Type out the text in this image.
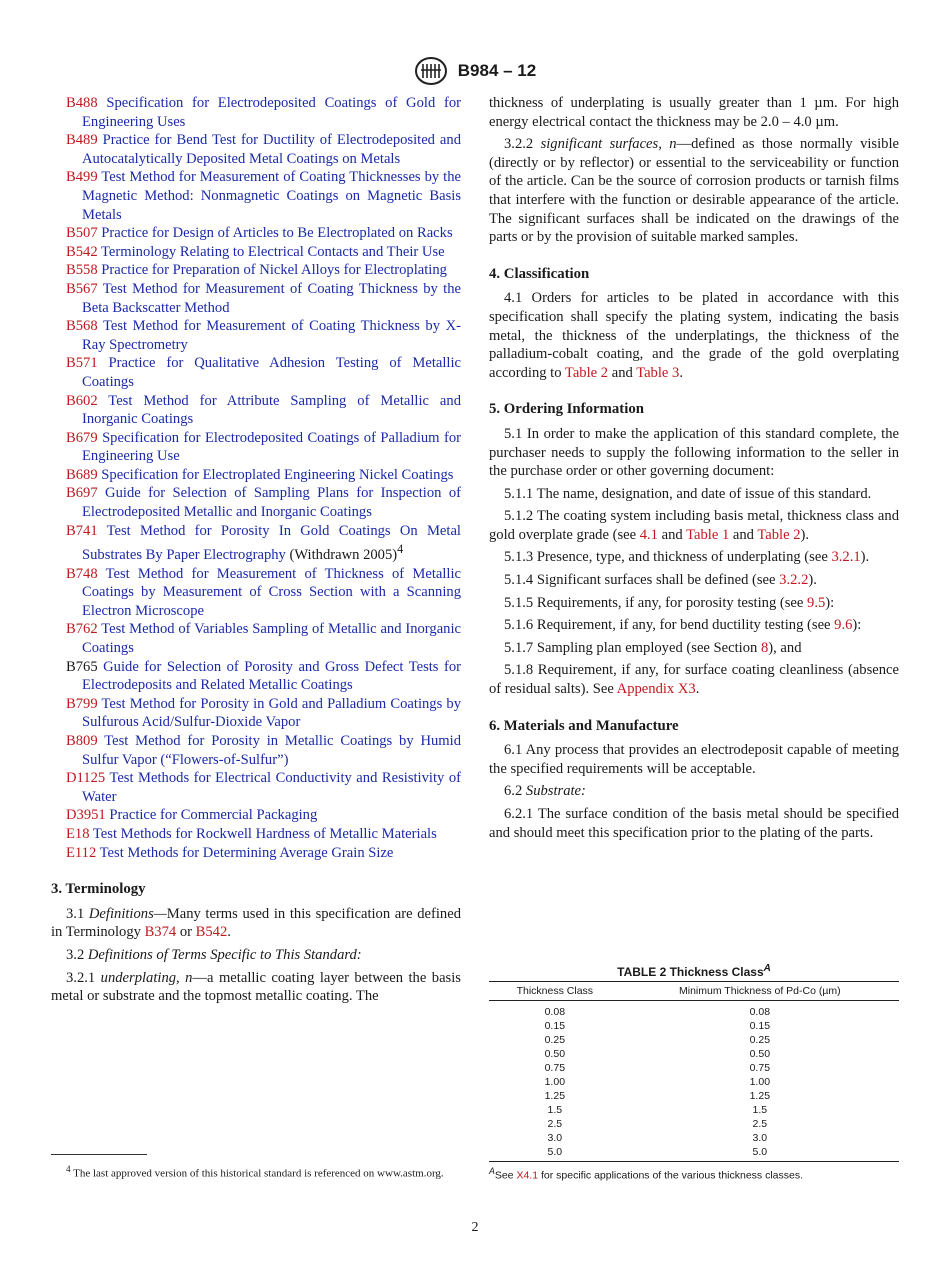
B984 – 12
B488 Specification for Electrodeposited Coatings of Gold for Engineering Uses
B489 Practice for Bend Test for Ductility of Electrodeposited and Autocatalytically Deposited Metal Coatings on Metals
B499 Test Method for Measurement of Coating Thicknesses by the Magnetic Method: Nonmagnetic Coatings on Magnetic Basis Metals
B507 Practice for Design of Articles to Be Electroplated on Racks
B542 Terminology Relating to Electrical Contacts and Their Use
B558 Practice for Preparation of Nickel Alloys for Electroplating
B567 Test Method for Measurement of Coating Thickness by the Beta Backscatter Method
B568 Test Method for Measurement of Coating Thickness by X-Ray Spectrometry
B571 Practice for Qualitative Adhesion Testing of Metallic Coatings
B602 Test Method for Attribute Sampling of Metallic and Inorganic Coatings
B679 Specification for Electrodeposited Coatings of Palladium for Engineering Use
B689 Specification for Electroplated Engineering Nickel Coatings
B697 Guide for Selection of Sampling Plans for Inspection of Electrodeposited Metallic and Inorganic Coatings
B741 Test Method for Porosity In Gold Coatings On Metal Substrates By Paper Electrography (Withdrawn 2005)$^4$
B748 Test Method for Measurement of Thickness of Metallic Coatings by Measurement of Cross Section with a Scanning Electron Microscope
B762 Test Method of Variables Sampling of Metallic and Inorganic Coatings
B765 Guide for Selection of Porosity and Gross Defect Tests for Electrodeposits and Related Metallic Coatings
B799 Test Method for Porosity in Gold and Palladium Coatings by Sulfurous Acid/Sulfur-Dioxide Vapor
B809 Test Method for Porosity in Metallic Coatings by Humid Sulfur Vapor (“Flowers-of-Sulfur”)
D1125 Test Methods for Electrical Conductivity and Resistivity of Water
D3951 Practice for Commercial Packaging
E18 Test Methods for Rockwell Hardness of Metallic Materials
E112 Test Methods for Determining Average Grain Size
3. Terminology

3.1 Definitions—Many terms used in this specification are defined in Terminology B374 or B542.

3.2 Definitions of Terms Specific to This Standard:

3.2.1 underplating, n—a metallic coating layer between the basis metal or substrate and the topmost metallic coating. The

$^4$ The last approved version of this historical standard is referenced on www.astm.org.

thickness of underplating is usually greater than 1 µm. For high energy electrical contact the thickness may be 2.0 – 4.0 µm.

3.2.2 significant surfaces, n—defined as those normally visible (directly or by reflector) or essential to the serviceability or function of the article. Can be the source of corrosion products or tarnish films that interfere with the function or desirable appearance of the article. The significant surfaces shall be indicated on the drawings of the parts or by the provision of suitable marked samples.

4. Classification

4.1 Orders for articles to be plated in accordance with this specification shall specify the plating system, indicating the basis metal, the thickness of the underplatings, the thickness of the palladium-cobalt coating, and the grade of the gold overplating according to Table 2 and Table 3.

5. Ordering Information

5.1 In order to make the application of this standard complete, the purchaser needs to supply the following information to the seller in the purchase order or other governing document:

5.1.1 The name, designation, and date of issue of this standard.

5.1.2 The coating system including basis metal, thickness class and gold overplate grade (see 4.1 and Table 1 and Table 2).

5.1.3 Presence, type, and thickness of underplating (see 3.2.1).

5.1.4 Significant surfaces shall be defined (see 3.2.2).

5.1.5 Requirements, if any, for porosity testing (see 9.5):

5.1.6 Requirement, if any, for bend ductility testing (see 9.6):

5.1.7 Sampling plan employed (see Section 8), and

5.1.8 Requirement, if any, for surface coating cleanliness (absence of residual salts). See Appendix X3.

6. Materials and Manufacture

6.1 Any process that provides an electrodeposit capable of meeting the specified requirements will be acceptable.

6.2 Substrate:

6.2.1 The surface condition of the basis metal should be specified and should meet this specification prior to the plating of the parts.

TABLE 2 Thickness Class$^A$
Thickness Class	Minimum Thickness of Pd-Co (µm)
0.08	0.08
0.15	0.15
0.25	0.25
0.50	0.50
0.75	0.75
1.00	1.00
1.25	1.25
1.5	1.5
2.5	2.5
3.0	3.0
5.0	5.0
$^A$See X4.1 for specific applications of the various thickness classes.
2
